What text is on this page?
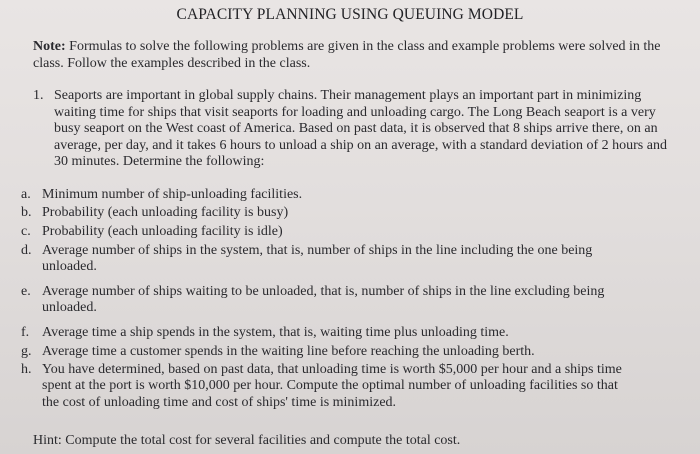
CAPACITY PLANNING USING QUEUING MODEL
Note: Formulas to solve the following problems are given in the class and example problems were solved in the class. Follow the examples described in the class.
1. Seaports are important in global supply chains. Their management plays an important part in minimizing waiting time for ships that visit seaports for loading and unloading cargo. The Long Beach seaport is a very busy seaport on the West coast of America. Based on past data, it is observed that 8 ships arrive there, on an average, per day, and it takes 6 hours to unload a ship on an average, with a standard deviation of 2 hours and 30 minutes. Determine the following:
a. Minimum number of ship-unloading facilities.
b. Probability (each unloading facility is busy)
c. Probability (each unloading facility is idle)
d. Average number of ships in the system, that is, number of ships in the line including the one being unloaded.
e. Average number of ships waiting to be unloaded, that is, number of ships in the line excluding being unloaded.
f. Average time a ship spends in the system, that is, waiting time plus unloading time.
g. Average time a customer spends in the waiting line before reaching the unloading berth.
h. You have determined, based on past data, that unloading time is worth $5,000 per hour and a ships time spent at the port is worth $10,000 per hour. Compute the optimal number of unloading facilities so that the cost of unloading time and cost of ships' time is minimized.
Hint: Compute the total cost for several facilities and compute the total cost.
